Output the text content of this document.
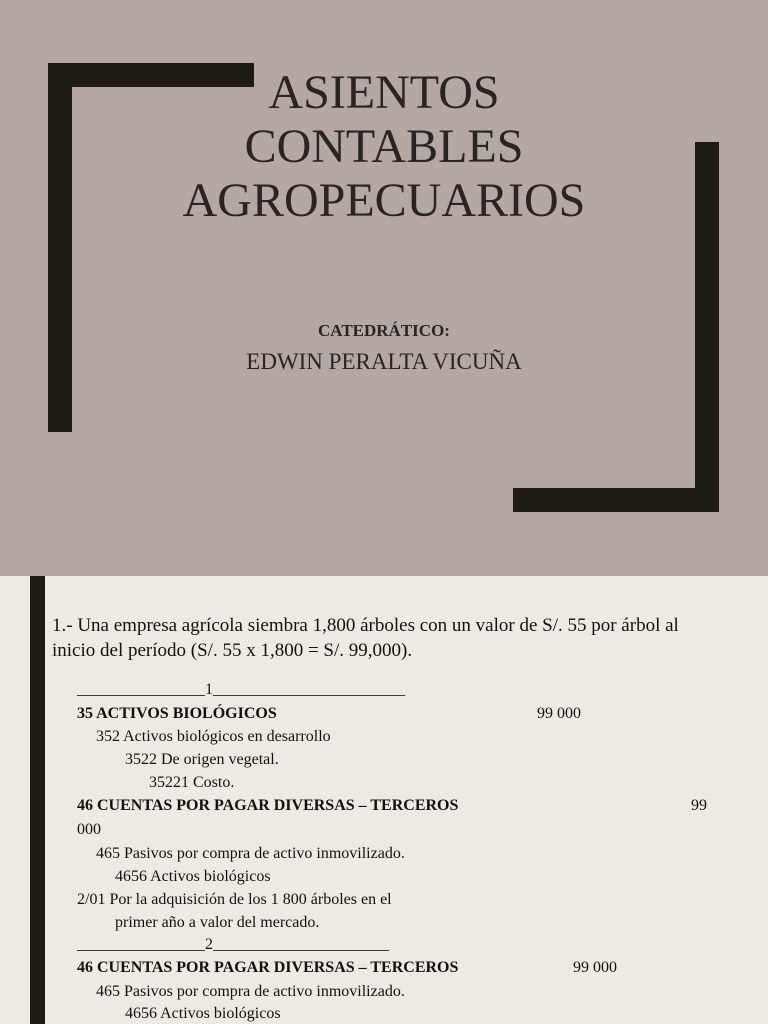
ASIENTOS
CONTABLES
AGROPECUARIOS
CATEDRÁTICO:
EDWIN PERALTA VICUÑA

1.- Una empresa agrícola siembra 1,800 árboles con un valor de S/. 55 por árbol al inicio del período (S/. 55 x 1,800 = S/. 99,000).

________________1________________________
35 ACTIVOS BIOLÓGICOS	99 000
352 Activos biológicos en desarrollo
3522 De origen vegetal.
35221 Costo.
46 CUENTAS POR PAGAR DIVERSAS – TERCEROS	99
000
465 Pasivos por compra de activo inmovilizado.
4656 Activos biológicos
2/01 Por la adquisición de los 1 800 árboles en el
primer año a valor del mercado.
________________2______________________
46 CUENTAS POR PAGAR DIVERSAS – TERCEROS	99 000
465 Pasivos por compra de activo inmovilizado.
4656 Activos biológicos
